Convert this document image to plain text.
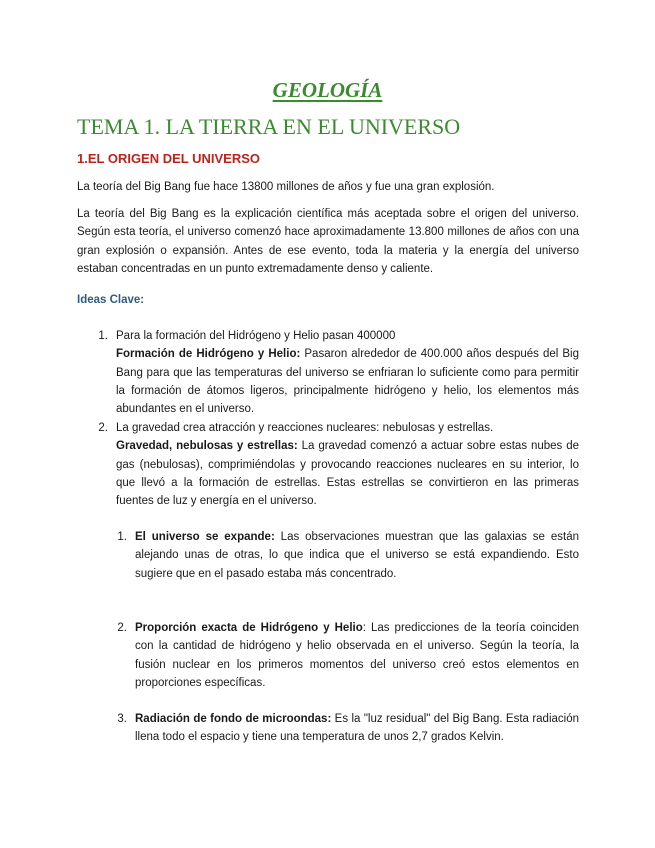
GEOLOGÍA
TEMA 1. LA TIERRA EN EL UNIVERSO
1.EL ORIGEN DEL UNIVERSO

La teoría del Big Bang fue hace 13800 millones de años y fue una gran explosión.

La teoría del Big Bang es la explicación científica más aceptada sobre el origen del universo. Según esta teoría, el universo comenzó hace aproximadamente 13.800 millones de años con una gran explosión o expansión. Antes de ese evento, toda la materia y la energía del universo estaban concentradas en un punto extremadamente denso y caliente.

Ideas Clave:
1. Para la formación del Hidrógeno y Helio pasan 400000

Formación de Hidrógeno y Helio: Pasaron alrededor de 400.000 años después del Big Bang para que las temperaturas del universo se enfriaran lo suficiente como para permitir la formación de átomos ligeros, principalmente hidrógeno y helio, los elementos más abundantes en el universo.

2. La gravedad crea atracción y reacciones nucleares: nebulosas y estrellas.

Gravedad, nebulosas y estrellas: La gravedad comenzó a actuar sobre estas nubes de gas (nebulosas), comprimiéndolas y provocando reacciones nucleares en su interior, lo que llevó a la formación de estrellas. Estas estrellas se convirtieron en las primeras fuentes de luz y energía en el universo.

1. El universo se expande: Las observaciones muestran que las galaxias se están alejando unas de otras, lo que indica que el universo se está expandiendo. Esto sugiere que en el pasado estaba más concentrado.

2. Proporción exacta de Hidrógeno y Helio: Las predicciones de la teoría coinciden con la cantidad de hidrógeno y helio observada en el universo. Según la teoría, la fusión nuclear en los primeros momentos del universo creó estos elementos en proporciones específicas.

3. Radiación de fondo de microondas: Es la "luz residual" del Big Bang. Esta radiación llena todo el espacio y tiene una temperatura de unos 2,7 grados Kelvin.
